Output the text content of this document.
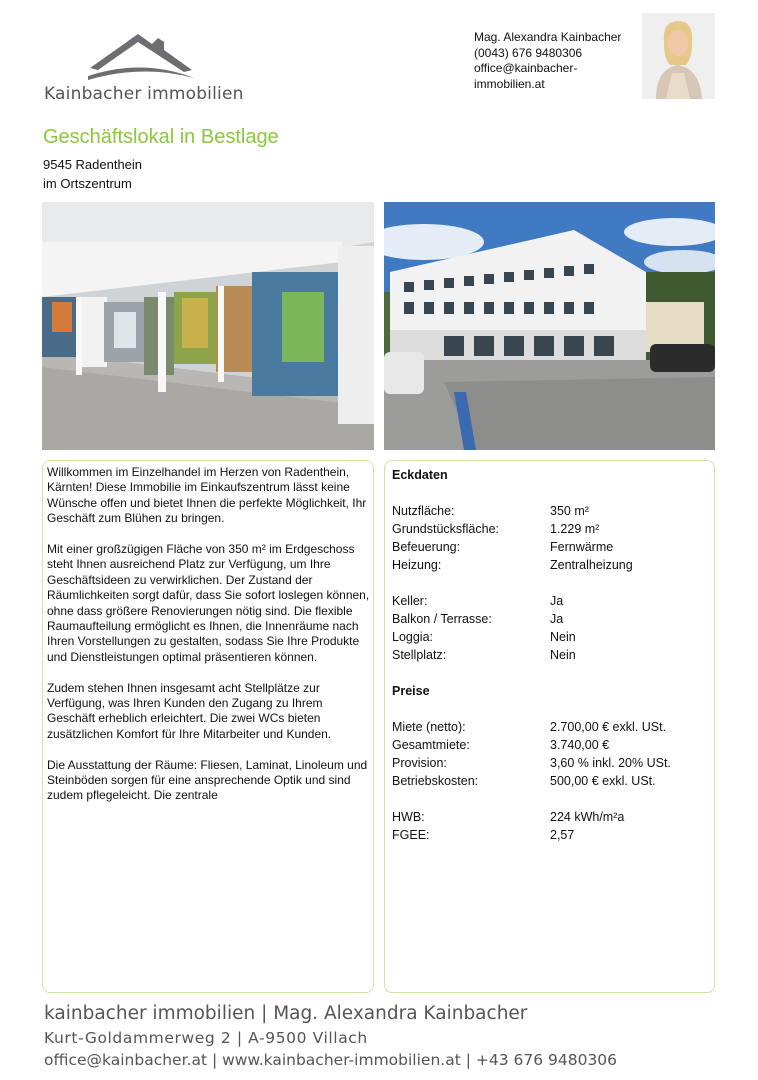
Kainbacher immobilien
Mag. Alexandra Kainbacher
(0043) 676 9480306
office@kainbacher-
immobilien.at
Geschäftslokal in Bestlage
9545 Radenthein
im Ortszentrum

Willkommen im Einzelhandel im Herzen von Radenthein, Kärnten! Diese Immobilie im Einkaufszentrum lässt keine Wünsche offen und bietet Ihnen die perfekte Möglichkeit, Ihr Geschäft zum Blühen zu bringen.

Mit einer großzügigen Fläche von 350 m² im Erdgeschoss steht Ihnen ausreichend Platz zur Verfügung, um Ihre Geschäftsideen zu verwirklichen. Der Zustand der Räumlichkeiten sorgt dafür, dass Sie sofort loslegen können, ohne dass größere Renovierungen nötig sind. Die flexible Raumaufteilung ermöglicht es Ihnen, die Innenräume nach Ihren Vorstellungen zu gestalten, sodass Sie Ihre Produkte und Dienstleistungen optimal präsentieren können.

Zudem stehen Ihnen insgesamt acht Stellplätze zur Verfügung, was Ihren Kunden den Zugang zu Ihrem Geschäft erheblich erleichtert. Die zwei WCs bieten zusätzlichen Komfort für Ihre Mitarbeiter und Kunden.

Die Ausstattung der Räume: Fliesen, Laminat, Linoleum und Steinböden sorgen für eine ansprechende Optik und sind zudem pflegeleicht. Die zentrale

Eckdaten
Nutzfläche:	350 m²
Grundstücksfläche:	1.229 m²
Befeuerung:	Fernwärme
Heizung:	Zentralheizung
Keller:	Ja
Balkon / Terrasse:	Ja
Loggia:	Nein
Stellplatz:	Nein
Preise
Miete (netto):	2.700,00 € exkl. USt.
Gesamtmiete:	3.740,00 €
Provision:	3,60 % inkl. 20% USt.
Betriebskosten:	500,00 € exkl. USt.
HWB:	224 kWh/m²a
FGEE:	2,57
kainbacher immobilien | Mag. Alexandra Kainbacher
Kurt-Goldammerweg 2 | A-9500 Villach
office@kainbacher.at | www.kainbacher-immobilien.at | +43 676 9480306
